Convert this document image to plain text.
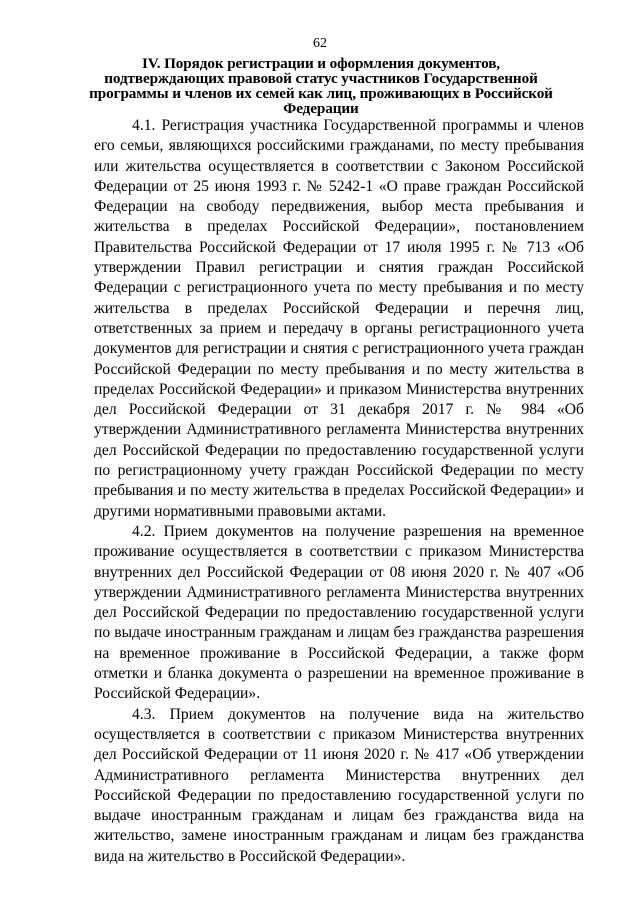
62
IV. Порядок регистрации и оформления документов, подтверждающих правовой статус участников Государственной программы и членов их семей как лиц, проживающих в Российской Федерации

4.1. Регистрация участника Государственной программы и членов его семьи, являющихся российскими гражданами, по месту пребывания или жительства осуществляется в соответствии с Законом Российской Федерации от 25 июня 1993 г. № 5242-1 «О праве граждан Российской Федерации на свободу передвижения, выбор места пребывания и жительства в пределах Российской Федерации», постановлением Правительства Российской Федерации от 17 июля 1995 г. № 713 «Об утверждении Правил регистрации и снятия граждан Российской Федерации с регистрационного учета по месту пребывания и по месту жительства в пределах Российской Федерации и перечня лиц, ответственных за прием и передачу в органы регистрационного учета документов для регистрации и снятия с регистрационного учета граждан Российской Федерации по месту пребывания и по месту жительства в пределах Российской Федерации» и приказом Министерства внутренних дел Российской Федерации от 31 декабря 2017 г. № 984 «Об утверждении Административного регламента Министерства внутренних дел Российской Федерации по предоставлению государственной услуги по регистрационному учету граждан Российской Федерации по месту пребывания и по месту жительства в пределах Российской Федерации» и другими нормативными правовыми актами.

4.2. Прием документов на получение разрешения на временное проживание осуществляется в соответствии с приказом Министерства внутренних дел Российской Федерации от 08 июня 2020 г. № 407 «Об утверждении Административного регламента Министерства внутренних дел Российской Федерации по предоставлению государственной услуги по выдаче иностранным гражданам и лицам без гражданства разрешения на временное проживание в Российской Федерации, а также форм отметки и бланка документа о разрешении на временное проживание в Российской Федерации».

4.3. Прием документов на получение вида на жительство осуществляется в соответствии с приказом Министерства внутренних дел Российской Федерации от 11 июня 2020 г. № 417 «Об утверждении Административного регламента Министерства внутренних дел Российской Федерации по предоставлению государственной услуги по выдаче иностранным гражданам и лицам без гражданства вида на жительство, замене иностранным гражданам и лицам без гражданства вида на жительство в Российской Федерации».
